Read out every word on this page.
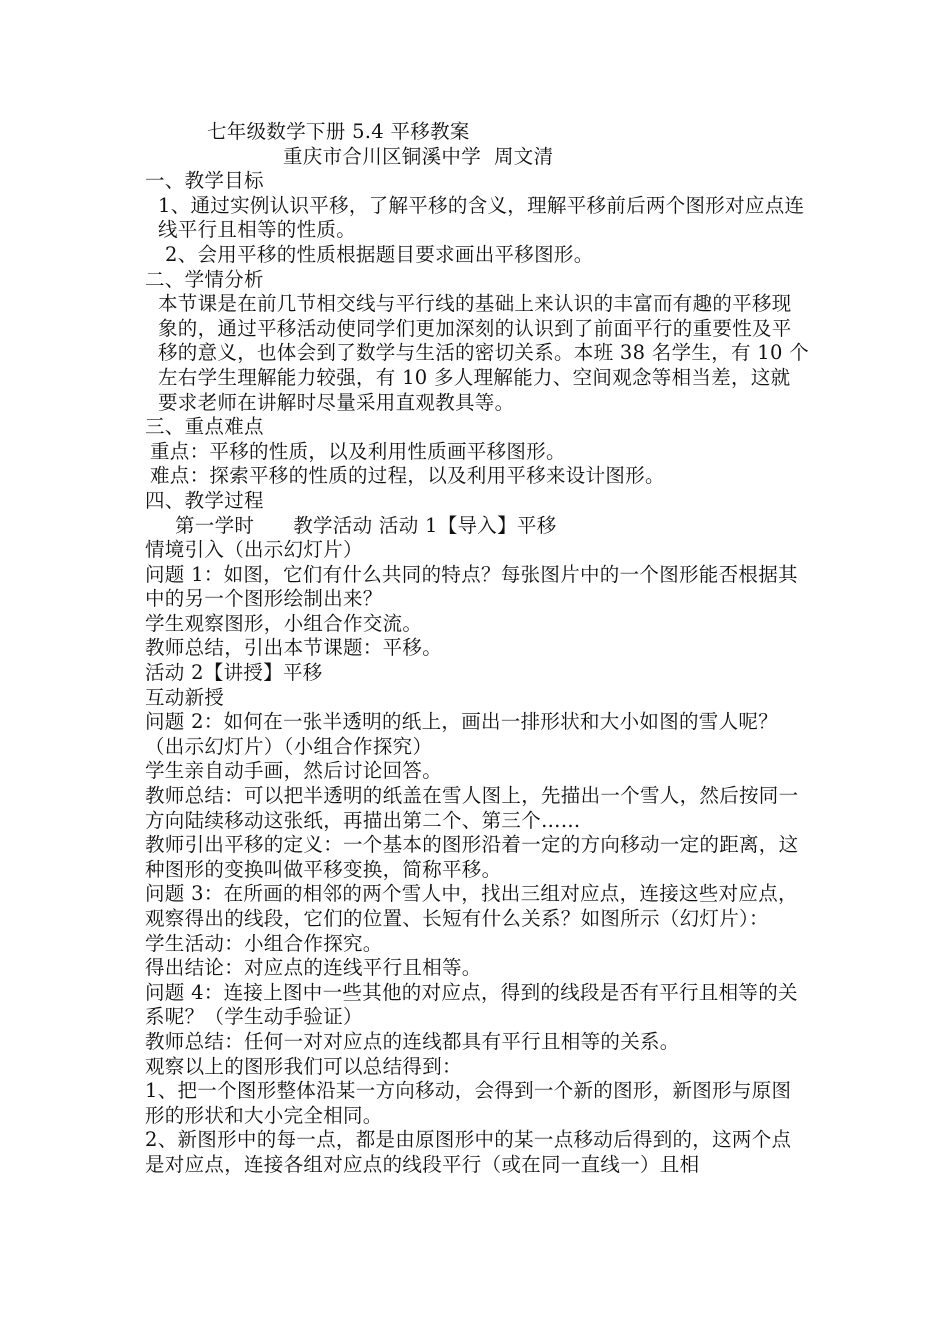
七年级数学下册 5.4 平移教案

重庆市合川区铜溪中学  周文清

一、教学目标

1、通过实例认识平移，了解平移的含义，理解平移前后两个图形对应点连线平行且相等的性质。

2、会用平移的性质根据题目要求画出平移图形。

二、学情分析

本节课是在前几节相交线与平行线的基础上来认识的丰富而有趣的平移现象的，通过平移活动使同学们更加深刻的认识到了前面平行的重要性及平移的意义，也体会到了数学与生活的密切关系。本班 38 名学生，有 10 个左右学生理解能力较强，有 10 多人理解能力、空间观念等相当差，这就要求老师在讲解时尽量采用直观教具等。

三、重点难点

重点：平移的性质，以及利用性质画平移图形。

难点：探索平移的性质的过程，以及利用平移来设计图形。

四、教学过程

第一学时      教学活动 活动 1【导入】平移

情境引入（出示幻灯片）

问题 1：如图，它们有什么共同的特点？每张图片中的一个图形能否根据其中的另一个图形绘制出来？

学生观察图形，小组合作交流。

教师总结，引出本节课题：平移。

活动 2【讲授】平移

互动新授

问题 2：如何在一张半透明的纸上，画出一排形状和大小如图的雪人呢？（出示幻灯片）（小组合作探究）

学生亲自动手画，然后讨论回答。

教师总结：可以把半透明的纸盖在雪人图上，先描出一个雪人，然后按同一方向陆续移动这张纸，再描出第二个、第三个……

教师引出平移的定义：一个基本的图形沿着一定的方向移动一定的距离，这种图形的变换叫做平移变换，简称平移。

问题 3：在所画的相邻的两个雪人中，找出三组对应点，连接这些对应点，观察得出的线段，它们的位置、长短有什么关系？如图所示（幻灯片）：

学生活动：小组合作探究。

得出结论：对应点的连线平行且相等。

问题 4：连接上图中一些其他的对应点，得到的线段是否有平行且相等的关系呢？（学生动手验证）

教师总结：任何一对对应点的连线都具有平行且相等的关系。

观察以上的图形我们可以总结得到：

1、把一个图形整体沿某一方向移动，会得到一个新的图形，新图形与原图形的形状和大小完全相同。

2、新图形中的每一点，都是由原图形中的某一点移动后得到的，这两个点是对应点，连接各组对应点的线段平行（或在同一直线一）且相
